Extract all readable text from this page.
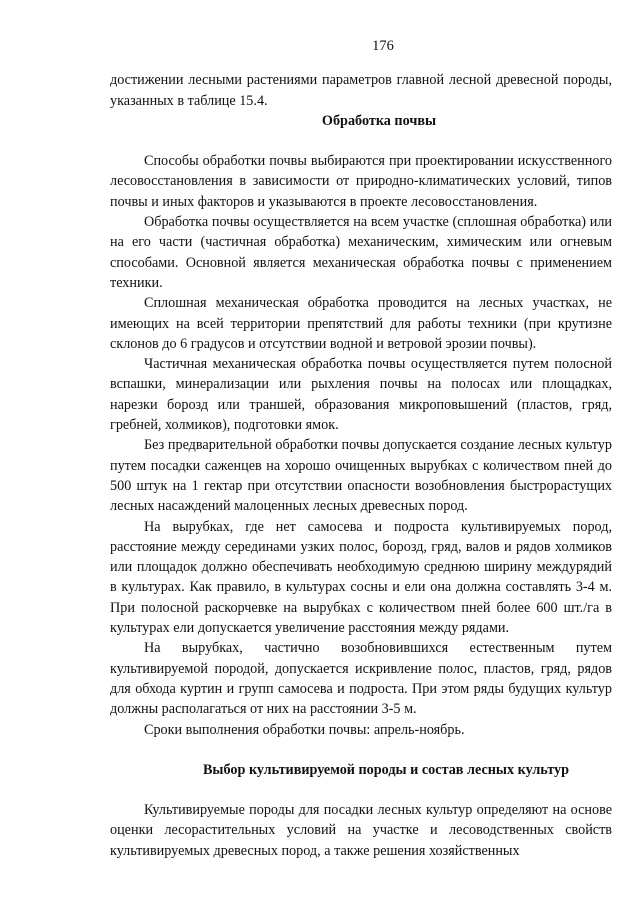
176

достижении лесными растениями параметров главной лесной древесной породы, указанных в таблице 15.4.

Обработка почвы

Способы обработки почвы выбираются при проектировании искусственного лесовосстановления в зависимости от природно-климатических условий, типов почвы и иных факторов и указываются в проекте лесовосстановления.

Обработка почвы осуществляется на всем участке (сплошная обработка) или на его части (частичная обработка) механическим, химическим или огневым способами. Основной является механическая обработка почвы с применением техники.

Сплошная механическая обработка проводится на лесных участках, не имеющих на всей территории препятствий для работы техники (при крутизне склонов до 6 градусов и отсутствии водной и ветровой эрозии почвы).

Частичная механическая обработка почвы осуществляется путем полосной вспашки, минерализации или рыхления почвы на полосах или площадках, нарезки борозд или траншей, образования микроповышений (пластов, гряд, гребней, холмиков), подготовки ямок.

Без предварительной обработки почвы допускается создание лесных культур путем посадки саженцев на хорошо очищенных вырубках с количеством пней до 500 штук на 1 гектар при отсутствии опасности возобновления быстрорастущих лесных насаждений малоценных лесных древесных пород.

На вырубках, где нет самосева и подроста культивируемых пород, расстояние между серединами узких полос, борозд, гряд, валов и рядов холмиков или площадок должно обеспечивать необходимую среднюю ширину междурядий в культурах. Как правило, в культурах сосны и ели она должна составлять 3-4 м. При полосной раскорчевке на вырубках с количеством пней более 600 шт./га в культурах ели допускается увеличение расстояния между рядами.

На вырубках, частично возобновившихся естественным путем культивируемой породой, допускается искривление полос, пластов, гряд, рядов для обхода куртин и групп самосева и подроста. При этом ряды будущих культур должны располагаться от них на расстоянии 3-5 м.

Сроки выполнения обработки почвы: апрель-ноябрь.

Выбор культивируемой породы и состав лесных культур

Культивируемые породы для посадки лесных культур определяют на основе оценки лесорастительных условий на участке и лесоводственных свойств культивируемых древесных пород, а также решения хозяйственных
